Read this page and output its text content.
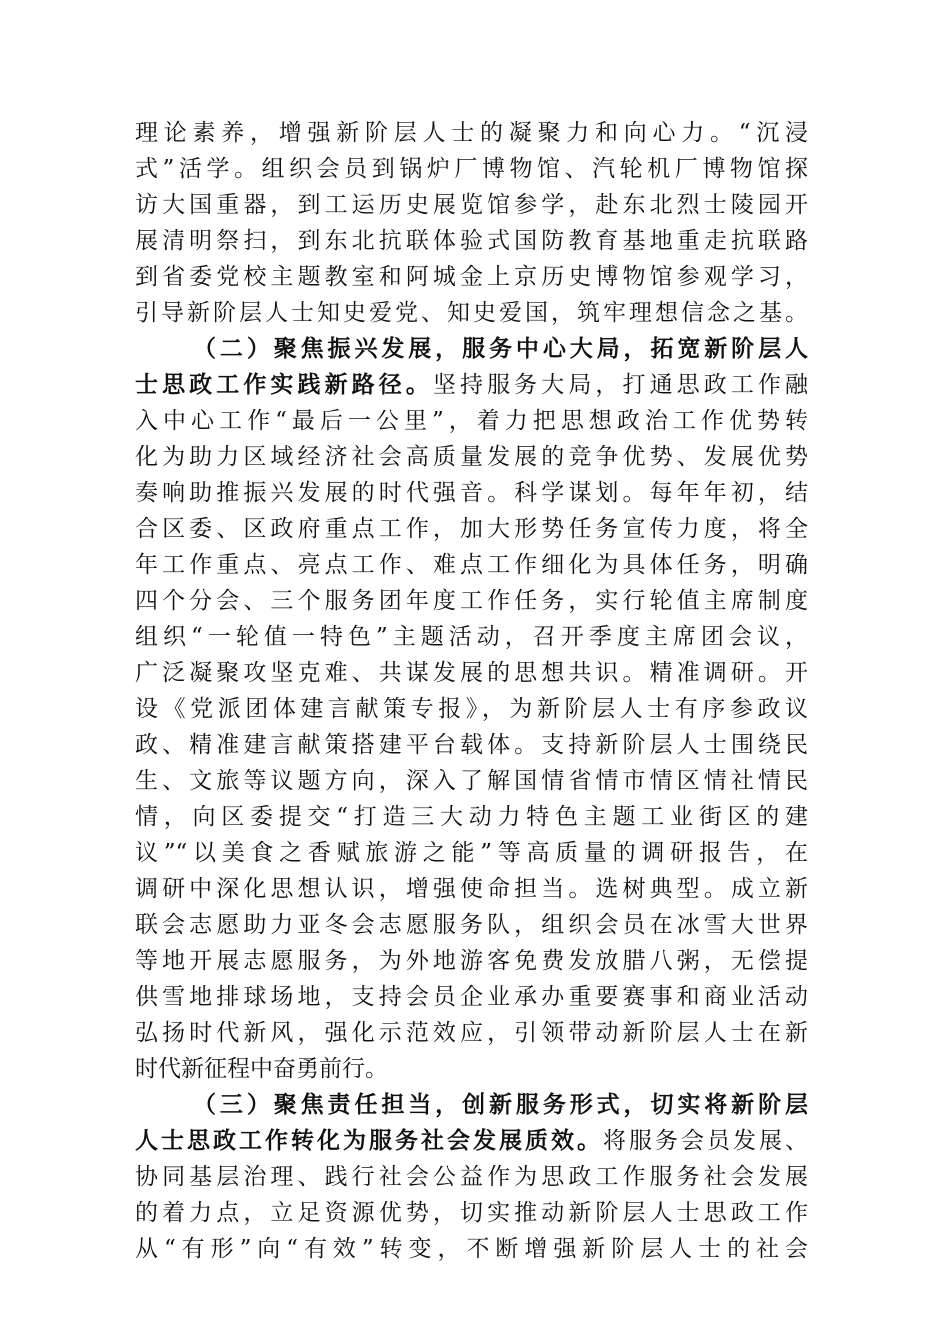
理论素养，增强新阶层人士的凝聚力和向心力。“沉浸
式”活学。组织会员到锅炉厂博物馆、汽轮机厂博物馆探
访大国重器，到工运历史展览馆参学，赴东北烈士陵园开
展清明祭扫，到东北抗联体验式国防教育基地重走抗联路
到省委党校主题教室和阿城金上京历史博物馆参观学习，
引导新阶层人士知史爱党、知史爱国，筑牢理想信念之基。
（二）聚焦振兴发展，服务中心大局，拓宽新阶层人
士思政工作实践新路径。坚持服务大局，打通思政工作融
入中心工作“最后一公里”，着力把思想政治工作优势转
化为助力区域经济社会高质量发展的竞争优势、发展优势
奏响助推振兴发展的时代强音。科学谋划。每年年初，结
合区委、区政府重点工作，加大形势任务宣传力度，将全
年工作重点、亮点工作、难点工作细化为具体任务，明确
四个分会、三个服务团年度工作任务，实行轮值主席制度
组织“一轮值一特色”主题活动，召开季度主席团会议，
广泛凝聚攻坚克难、共谋发展的思想共识。精准调研。开
设《党派团体建言献策专报》，为新阶层人士有序参政议
政、精准建言献策搭建平台载体。支持新阶层人士围绕民
生、文旅等议题方向，深入了解国情省情市情区情社情民
情，向区委提交“打造三大动力特色主题工业街区的建
议”“以美食之香赋旅游之能”等高质量的调研报告，在
调研中深化思想认识，增强使命担当。选树典型。成立新
联会志愿助力亚冬会志愿服务队，组织会员在冰雪大世界
等地开展志愿服务，为外地游客免费发放腊八粥，无偿提
供雪地排球场地，支持会员企业承办重要赛事和商业活动
弘扬时代新风，强化示范效应，引领带动新阶层人士在新
时代新征程中奋勇前行。
（三）聚焦责任担当，创新服务形式，切实将新阶层
人士思政工作转化为服务社会发展质效。将服务会员发展、
协同基层治理、践行社会公益作为思政工作服务社会发展
的着力点，立足资源优势，切实推动新阶层人士思政工作
从“有形”向“有效”转变，不断增强新阶层人士的社会
